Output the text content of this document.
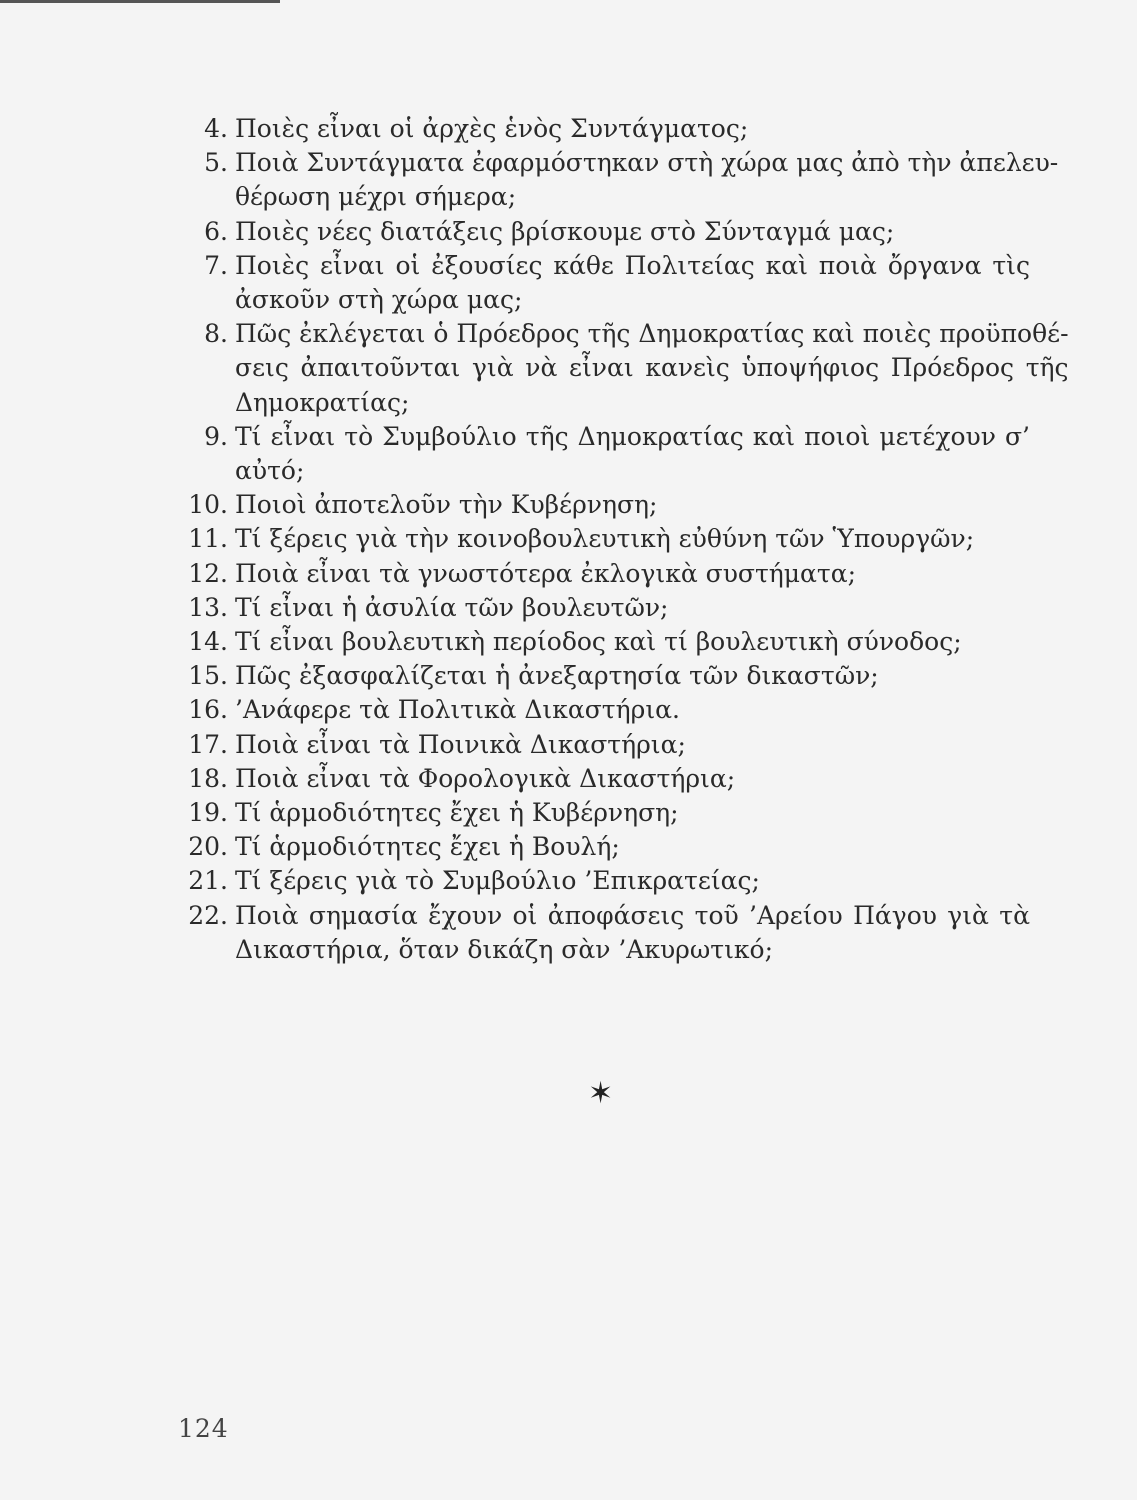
4. Ποιὲς εἶναι οἱ ἀρχὲς ἑνὸς Συντάγματος;
5. Ποιὰ Συντάγματα ἐφαρμόστηκαν στὴ χώρα μας ἀπὸ τὴν ἀπελευ-
θέρωση μέχρι σήμερα;
6. Ποιὲς νέες διατάξεις βρίσκουμε στὸ Σύνταγμά μας;
7. Ποιὲς εἶναι οἱ ἐξουσίες κάθε Πολιτείας καὶ ποιὰ ὄργανα τὶς
ἀσκοῦν στὴ χώρα μας;
8. Πῶς ἐκλέγεται ὁ Πρόεδρος τῆς Δημοκρατίας καὶ ποιὲς προϋποθέ-
σεις ἀπαιτοῦνται γιὰ νὰ εἶναι κανεὶς ὑποψήφιος Πρόεδρος τῆς
Δημοκρατίας;
9. Τί εἶναι τὸ Συμβούλιο τῆς Δημοκρατίας καὶ ποιοὶ μετέχουν σ’
αὐτό;
10. Ποιοὶ ἀποτελοῦν τὴν Κυβέρνηση;
11. Τί ξέρεις γιὰ τὴν κοινοβουλευτικὴ εὐθύνη τῶν Ὑπουργῶν;
12. Ποιὰ εἶναι τὰ γνωστότερα ἐκλογικὰ συστήματα;
13. Τί εἶναι ἡ ἀσυλία τῶν βουλευτῶν;
14. Τί εἶναι βουλευτικὴ περίοδος καὶ τί βουλευτικὴ σύνοδος;
15. Πῶς ἐξασφαλίζεται ἡ ἀνεξαρτησία τῶν δικαστῶν;
16. ’Ανάφερε τὰ Πολιτικὰ Δικαστήρια.
17. Ποιὰ εἶναι τὰ Ποινικὰ Δικαστήρια;
18. Ποιὰ εἶναι τὰ Φορολογικὰ Δικαστήρια;
19. Τί ἁρμοδιότητες ἔχει ἡ Κυβέρνηση;
20. Τί ἁρμοδιότητες ἔχει ἡ Βουλή;
21. Τί ξέρεις γιὰ τὸ Συμβούλιο ’Επικρατείας;
22. Ποιὰ σημασία ἔχουν οἱ ἀποφάσεις τοῦ ’Αρείου Πάγου γιὰ τὰ
Δικαστήρια, ὅταν δικάζη σὰν ’Ακυρωτικό;
✶
124
